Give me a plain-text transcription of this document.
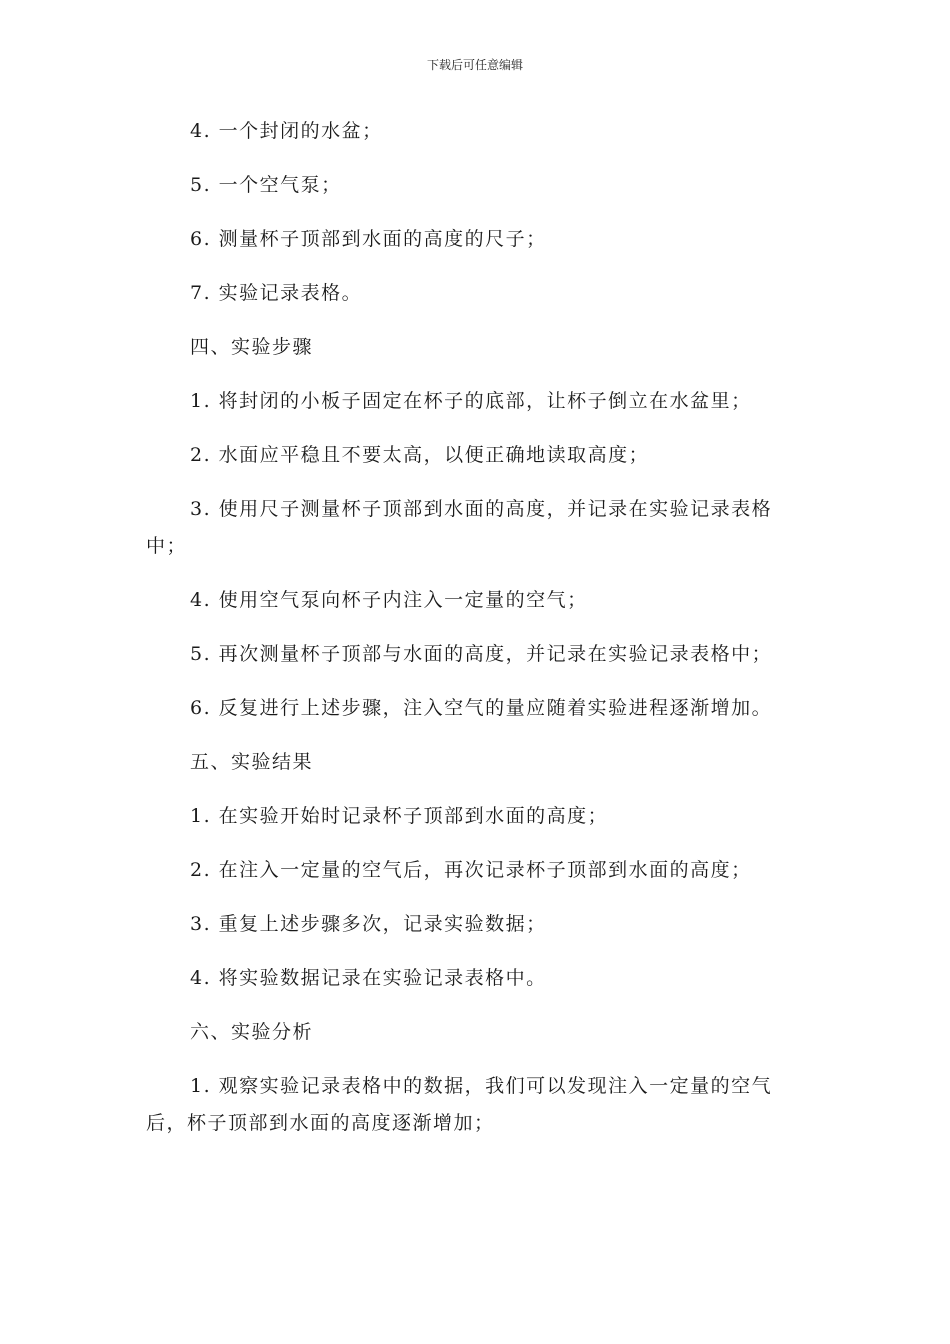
下载后可任意编辑

4. 一个封闭的水盆；

5. 一个空气泵；

6. 测量杯子顶部到水面的高度的尺子；

7. 实验记录表格。

四、实验步骤

1. 将封闭的小板子固定在杯子的底部，让杯子倒立在水盆里；

2. 水面应平稳且不要太高，以便正确地读取高度；

3. 使用尺子测量杯子顶部到水面的高度，并记录在实验记录表格中；

4. 使用空气泵向杯子内注入一定量的空气；

5. 再次测量杯子顶部与水面的高度，并记录在实验记录表格中；

6. 反复进行上述步骤，注入空气的量应随着实验进程逐渐增加。

五、实验结果

1. 在实验开始时记录杯子顶部到水面的高度；

2. 在注入一定量的空气后，再次记录杯子顶部到水面的高度；

3. 重复上述步骤多次，记录实验数据；

4. 将实验数据记录在实验记录表格中。

六、实验分析

1. 观察实验记录表格中的数据，我们可以发现注入一定量的空气后，杯子顶部到水面的高度逐渐增加；
